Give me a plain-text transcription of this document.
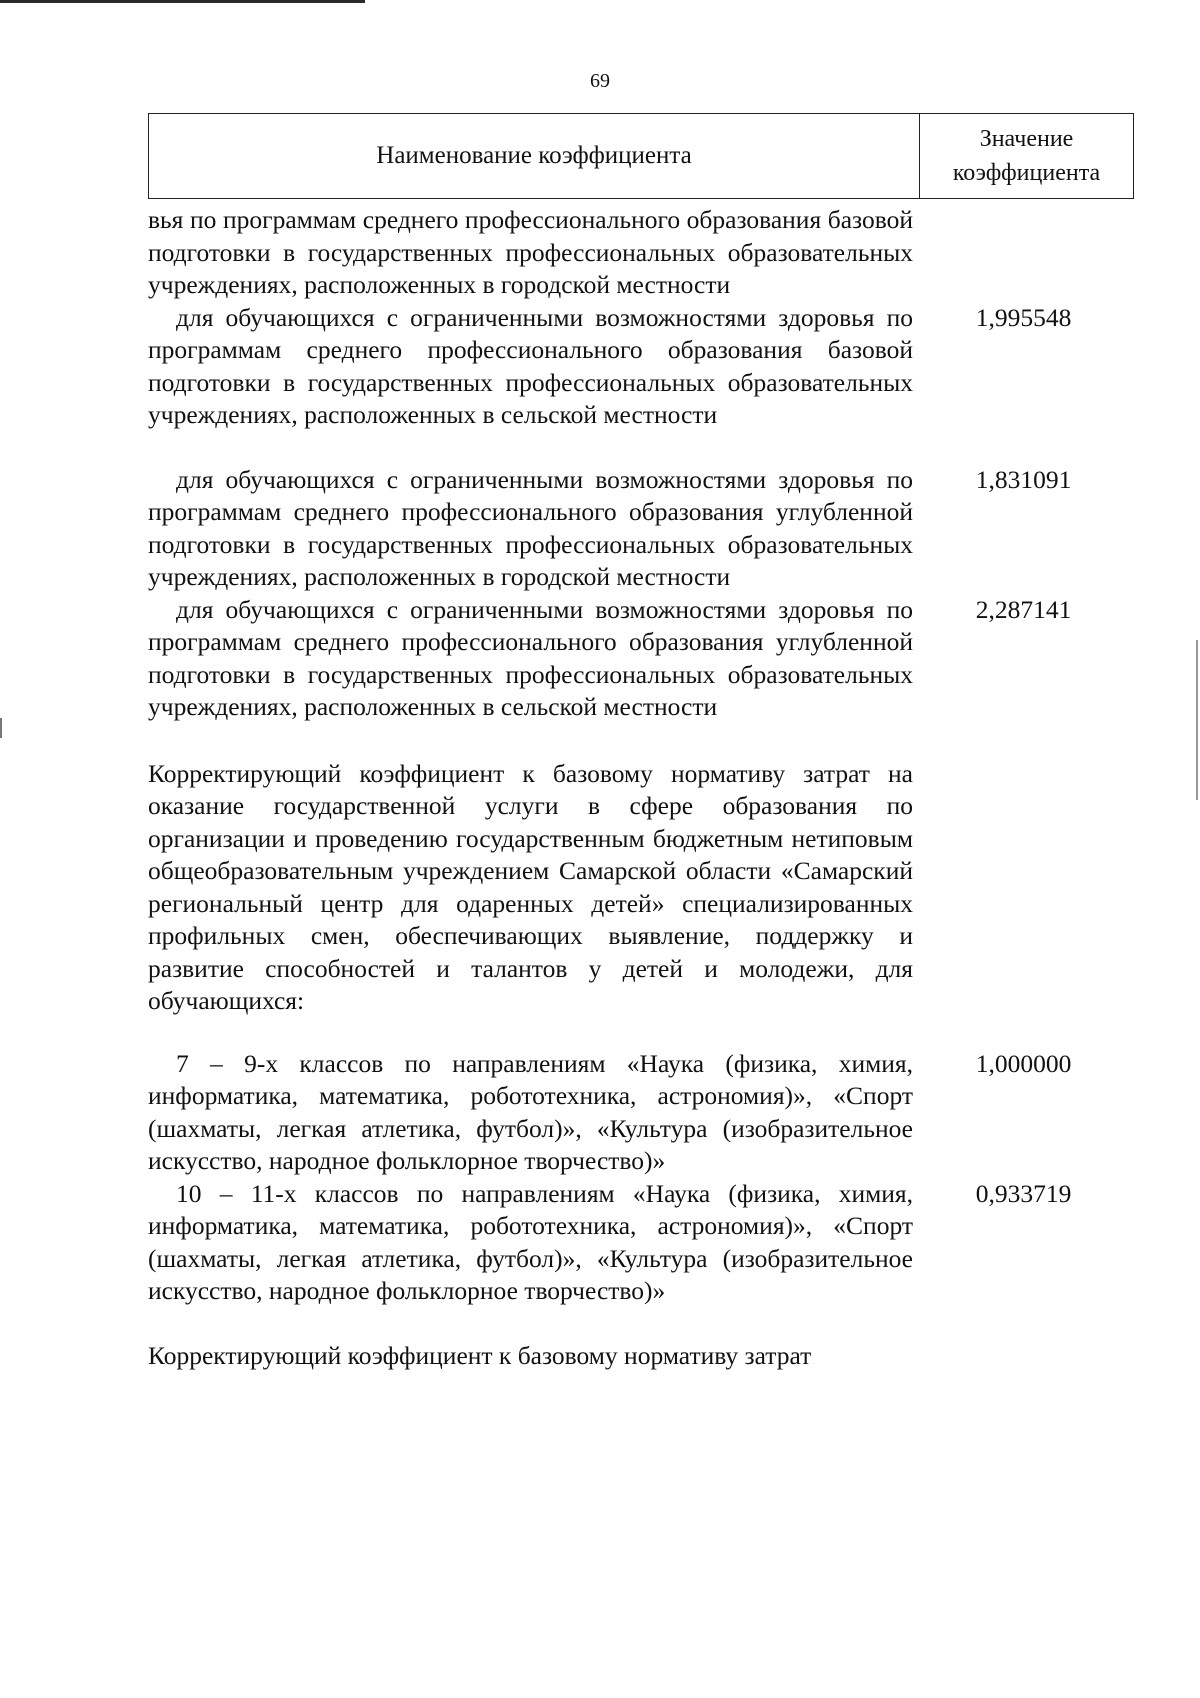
69
Наименование коэффициента
Значение
коэффициента
вья по программам среднего профессионального образования базовой подготовки в государственных профессиональных образовательных учреждениях, расположенных в городской местности
для обучающихся с ограниченными возможностями здоровья по программам среднего профессионального образования базовой подготовки в государственных профессиональных образовательных учреждениях, расположенных в сельской местности
1,995548
для обучающихся с ограниченными возможностями здоровья по программам среднего профессионального образования углубленной подготовки в государственных профессиональных образовательных учреждениях, расположенных в городской местности
1,831091
для обучающихся с ограниченными возможностями здоровья по программам среднего профессионального образования углубленной подготовки в государственных профессиональных образовательных учреждениях, расположенных в сельской местности
2,287141
Корректирующий коэффициент к базовому нормативу затрат на оказание государственной услуги в сфере образования по организации и проведению государственным бюджетным нетиповым общеобразовательным учреждением Самарской области «Самарский региональный центр для одаренных детей» специализированных профильных смен, обеспечивающих выявление, поддержку и развитие способностей и талантов у детей и молодежи, для обучающихся:
7 – 9-х классов по направлениям «Наука (физика, химия, информатика, математика, робототехника, астрономия)», «Спорт (шахматы, легкая атлетика, футбол)», «Культура (изобразительное искусство, народное фольклорное творчество)»
1,000000
10 – 11-х классов по направлениям «Наука (физика, химия, информатика, математика, робототехника, астрономия)», «Спорт (шахматы, легкая атлетика, футбол)», «Культура (изобразительное искусство, народное фольклорное творчество)»
0,933719
Корректирующий коэффициент к базовому нормативу затрат
